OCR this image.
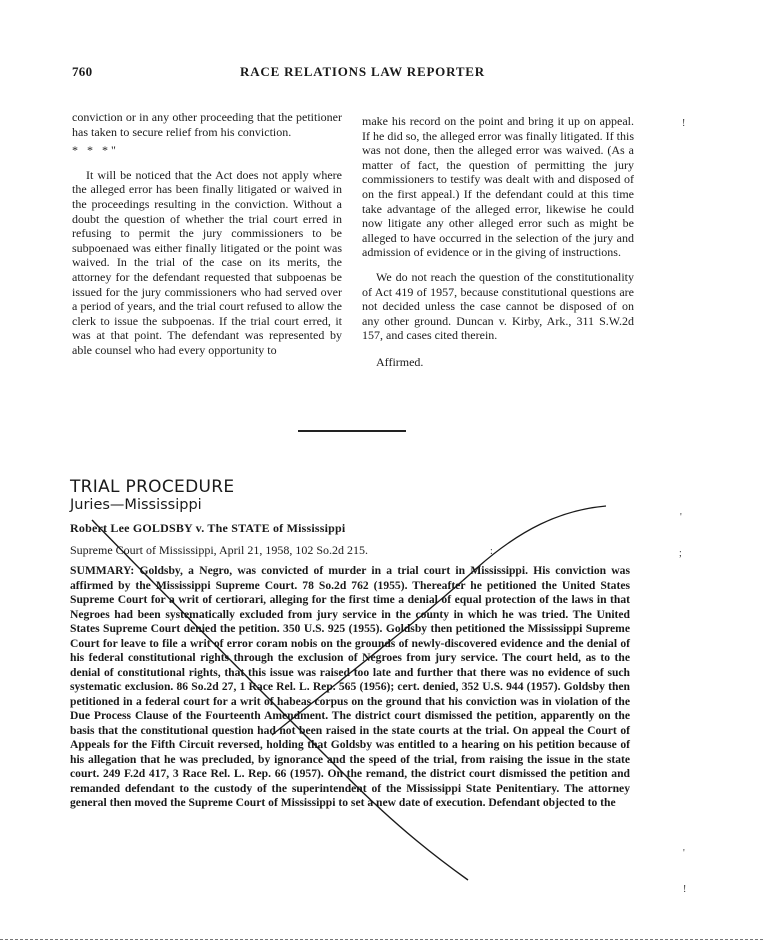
760	RACE RELATIONS LAW REPORTER

conviction or in any other proceeding that the petitioner has taken to secure relief from his conviction.

* * *"

It will be noticed that the Act does not apply where the alleged error has been finally litigated or waived in the proceedings resulting in the conviction. Without a doubt the question of whether the trial court erred in refusing to permit the jury commissioners to be subpoenaed was either finally litigated or the point was waived. In the trial of the case on its merits, the attorney for the defendant requested that subpoenas be issued for the jury commissioners who had served over a period of years, and the trial court refused to allow the clerk to issue the subpoenas. If the trial court erred, it was at that point. The defendant was represented by able counsel who had every opportunity to

make his record on the point and bring it up on appeal. If he did so, the alleged error was finally litigated. If this was not done, then the alleged error was waived. (As a matter of fact, the question of permitting the jury commissioners to testify was dealt with and disposed of on the first appeal.) If the defendant could at this time take advantage of the alleged error, likewise he could now litigate any other alleged error such as might be alleged to have occurred in the selection of the jury and admission of evidence or in the giving of instructions.

We do not reach the question of the constitutionality of Act 419 of 1957, because constitutional questions are not decided unless the case cannot be disposed of on any other ground. Duncan v. Kirby, Ark., 311 S.W.2d 157, and cases cited therein.

Affirmed.

TRIAL PROCEDURE
Juries—Mississippi
Robert Lee GOLDSBY v. The STATE of Mississippi
Supreme Court of Mississippi, April 21, 1958, 102 So.2d 215.

SUMMARY: Goldsby, a Negro, was convicted of murder in a trial court in Mississippi. His conviction was affirmed by the Mississippi Supreme Court. 78 So.2d 762 (1955). Thereafter he petitioned the United States Supreme Court for a writ of certiorari, alleging for the first time a denial of equal protection of the laws in that Negroes had been systematically excluded from jury service in the county in which he was tried. The United States Supreme Court denied the petition. 350 U.S. 925 (1955). Goldsby then petitioned the Mississippi Supreme Court for leave to file a writ of error coram nobis on the grounds of newly-discovered evidence and the denial of his federal constitutional rights through the exclusion of Negroes from jury service. The court held, as to the denial of constitutional rights, that this issue was raised too late and further that there was no evidence of such systematic exclusion. 86 So.2d 27, 1 Race Rel. L. Rep. 565 (1956); cert. denied, 352 U.S. 944 (1957). Goldsby then petitioned in a federal court for a writ of habeas corpus on the ground that his conviction was in violation of the Due Process Clause of the Fourteenth Amendment. The district court dismissed the petition, apparently on the basis that the constitutional question had not been raised in the state courts at the trial. On appeal the Court of Appeals for the Fifth Circuit reversed, holding that Goldsby was entitled to a hearing on his petition because of his allegation that he was precluded, by ignorance and the speed of the trial, from raising the issue in the state court. 249 F.2d 417, 3 Race Rel. L. Rep. 66 (1957). On the remand, the district court dismissed the petition and remanded defendant to the custody of the superintendent of the Mississippi State Penitentiary. The attorney general then moved the Supreme Court of Mississippi to set a new date of execution. Defendant objected to the

!
:
'
;
'
!
